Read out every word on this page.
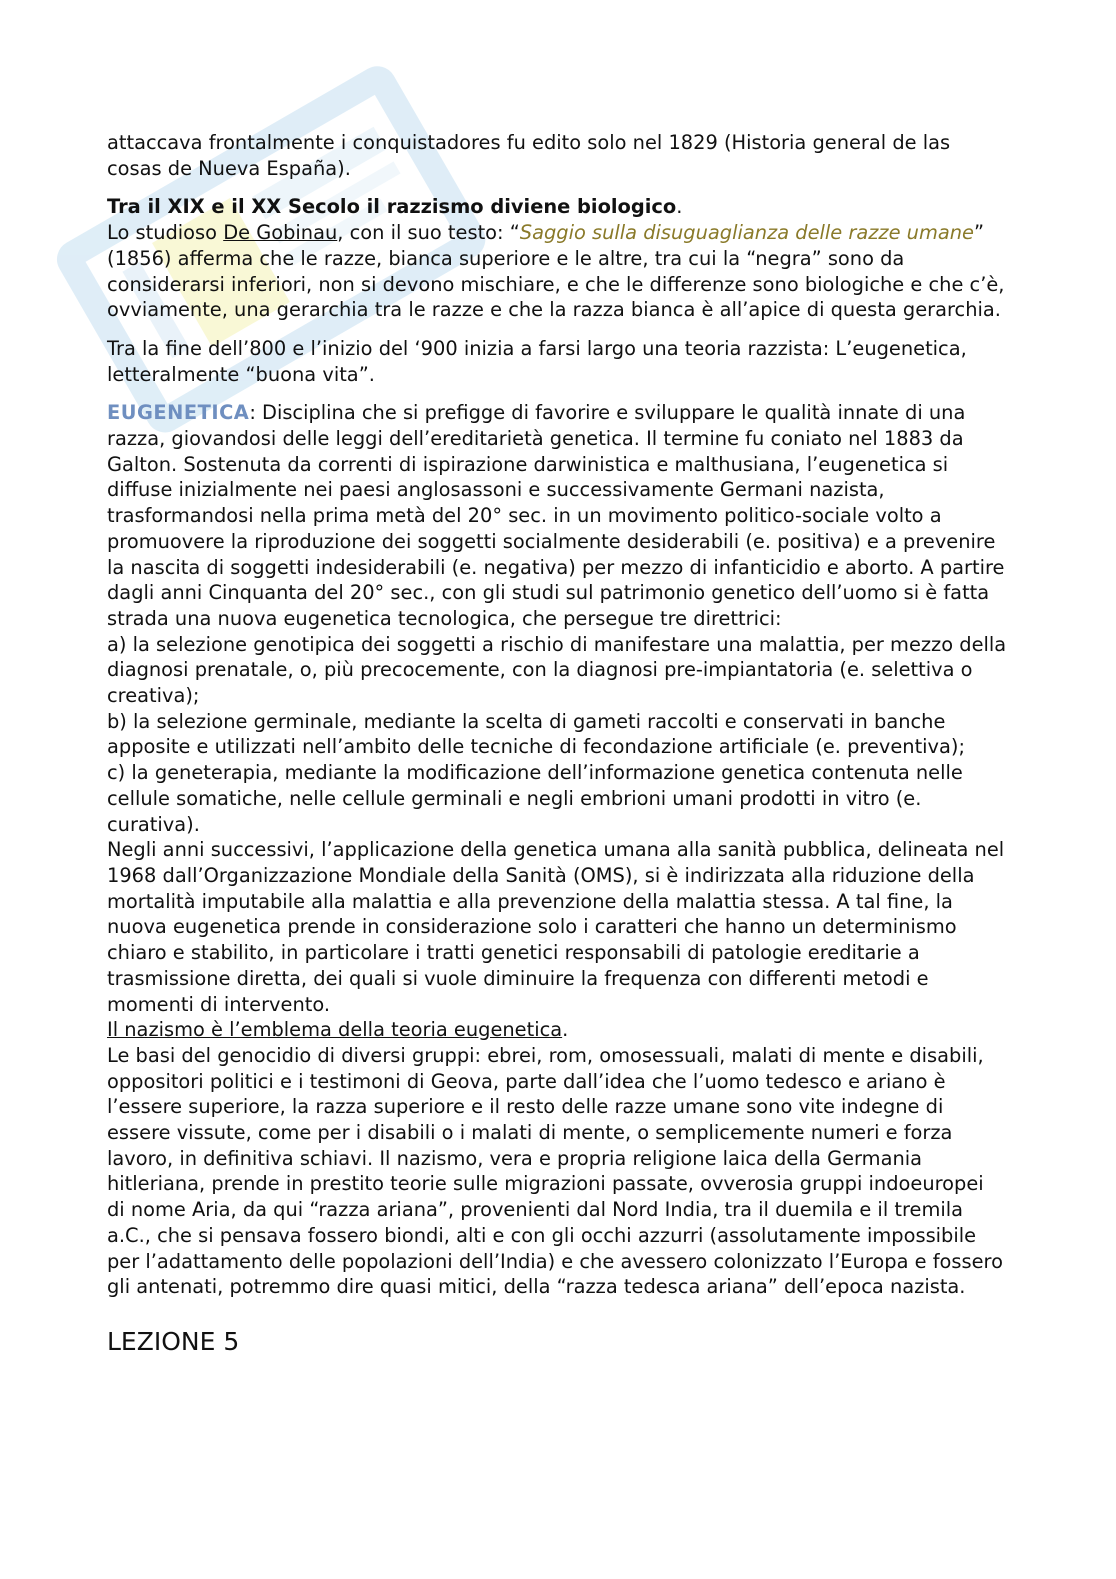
attaccava frontalmente i conquistadores fu edito solo nel 1829 (Historia general de las cosas de Nueva España).

Tra il XIX e il XX Secolo il razzismo diviene biologico.

Lo studioso De Gobinau, con il suo testo: “Saggio sulla disuguaglianza delle razze umane” (1856) afferma che le razze, bianca superiore e le altre, tra cui la “negra” sono da considerarsi inferiori, non si devono mischiare, e che le differenze sono biologiche e che c’è, ovviamente, una gerarchia tra le razze e che la razza bianca è all’apice di questa gerarchia.

Tra la fine dell’800 e l’inizio del ‘900 inizia a farsi largo una teoria razzista: L’eugenetica, letteralmente “buona vita”.

EUGENETICA: Disciplina che si prefigge di favorire e sviluppare le qualità innate di una razza, giovandosi delle leggi dell’ereditarietà genetica. Il termine fu coniato nel 1883 da Galton. Sostenuta da correnti di ispirazione darwinistica e malthusiana, l’eugenetica si diffuse inizialmente nei paesi anglosassoni e successivamente Germani nazista, trasformandosi nella prima metà del 20° sec. in un movimento politico-sociale volto a promuovere la riproduzione dei soggetti socialmente desiderabili (e. positiva) e a prevenire la nascita di soggetti indesiderabili (e. negativa) per mezzo di infanticidio e aborto. A partire dagli anni Cinquanta del 20° sec., con gli studi sul patrimonio genetico dell’uomo si è fatta strada una nuova eugenetica tecnologica, che persegue tre direttrici:

a) la selezione genotipica dei soggetti a rischio di manifestare una malattia, per mezzo della diagnosi prenatale, o, più precocemente, con la diagnosi pre-impiantatoria (e. selettiva o creativa);

b) la selezione germinale, mediante la scelta di gameti raccolti e conservati in banche apposite e utilizzati nell’ambito delle tecniche di fecondazione artificiale (e. preventiva);

c) la geneterapia, mediante la modificazione dell’informazione genetica contenuta nelle cellule somatiche, nelle cellule germinali e negli embrioni umani prodotti in vitro (e. curativa).

Negli anni successivi, l’applicazione della genetica umana alla sanità pubblica, delineata nel 1968 dall’Organizzazione Mondiale della Sanità (OMS), si è indirizzata alla riduzione della mortalità imputabile alla malattia e alla prevenzione della malattia stessa. A tal fine, la nuova eugenetica prende in considerazione solo i caratteri che hanno un determinismo chiaro e stabilito, in particolare i tratti genetici responsabili di patologie ereditarie a trasmissione diretta, dei quali si vuole diminuire la frequenza con differenti metodi e momenti di intervento.

Il nazismo è l’emblema della teoria eugenetica.

Le basi del genocidio di diversi gruppi: ebrei, rom, omosessuali, malati di mente e disabili, oppositori politici e i testimoni di Geova, parte dall’idea che l’uomo tedesco e ariano è l’essere superiore, la razza superiore e il resto delle razze umane sono vite indegne di essere vissute, come per i disabili o i malati di mente, o semplicemente numeri e forza lavoro, in definitiva schiavi. Il nazismo, vera e propria religione laica della Germania hitleriana, prende in prestito teorie sulle migrazioni passate, ovverosia gruppi indoeuropei di nome Aria, da qui “razza ariana”, provenienti dal Nord India, tra il duemila e il tremila a.C., che si pensava fossero biondi, alti e con gli occhi azzurri (assolutamente impossibile per l’adattamento delle popolazioni dell’India) e che avessero colonizzato l’Europa e fossero gli antenati, potremmo dire quasi mitici, della “razza tedesca ariana” dell’epoca nazista.

LEZIONE 5
